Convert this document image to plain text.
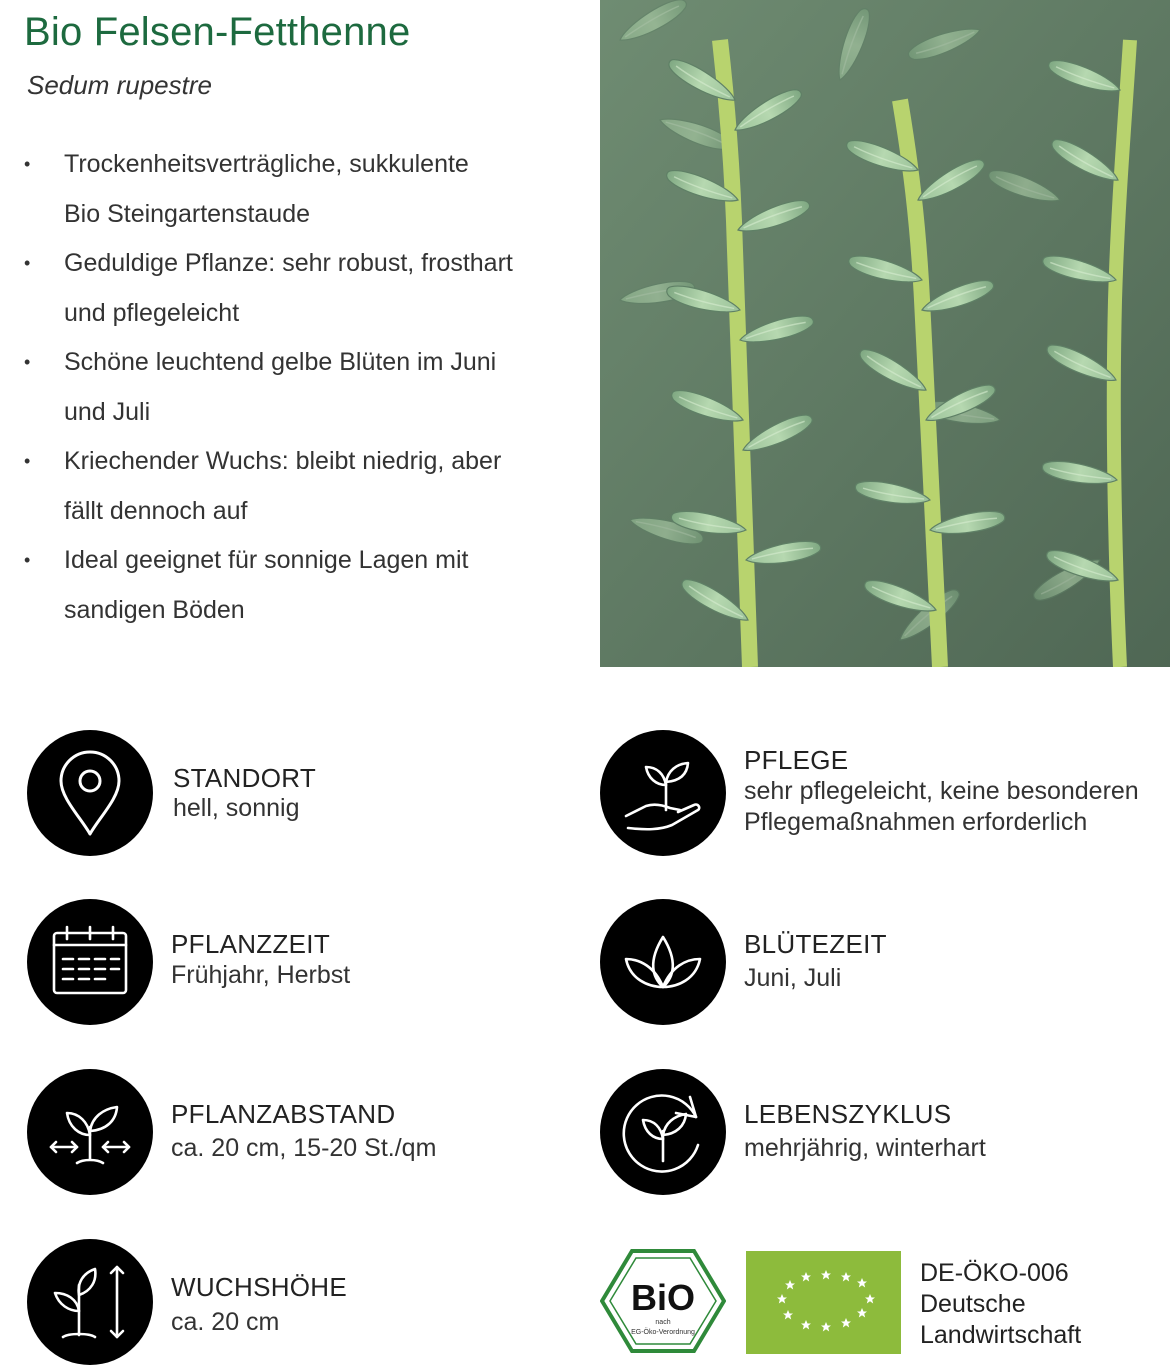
Bio Felsen-Fetthenne
Sedum rupestre
• Trockenheitsverträgliche, sukkulente
Bio Steingartenstaude
• Geduldige Pflanze: sehr robust, frosthart
und pflegeleicht
• Schöne leuchtend gelbe Blüten im Juni
und Juli
• Kriechender Wuchs: bleibt niedrig, aber
fällt dennoch auf
• Ideal geeignet für sonnige Lagen mit
sandigen Böden
STANDORT
hell, sonnig
PFLEGE
sehr pflegeleicht, keine besonderen
Pflegemaßnahmen erforderlich
PFLANZZEIT
Frühjahr, Herbst
BLÜTEZEIT
Juni, Juli
PFLANZABSTAND
ca. 20 cm, 15-20 St./qm
LEBENSZYKLUS
mehrjährig, winterhart
WUCHSHÖHE
ca. 20 cm
BiO
nach
EG-Öko-Verordnung
DE-ÖKO-006
Deutsche
Landwirtschaft
